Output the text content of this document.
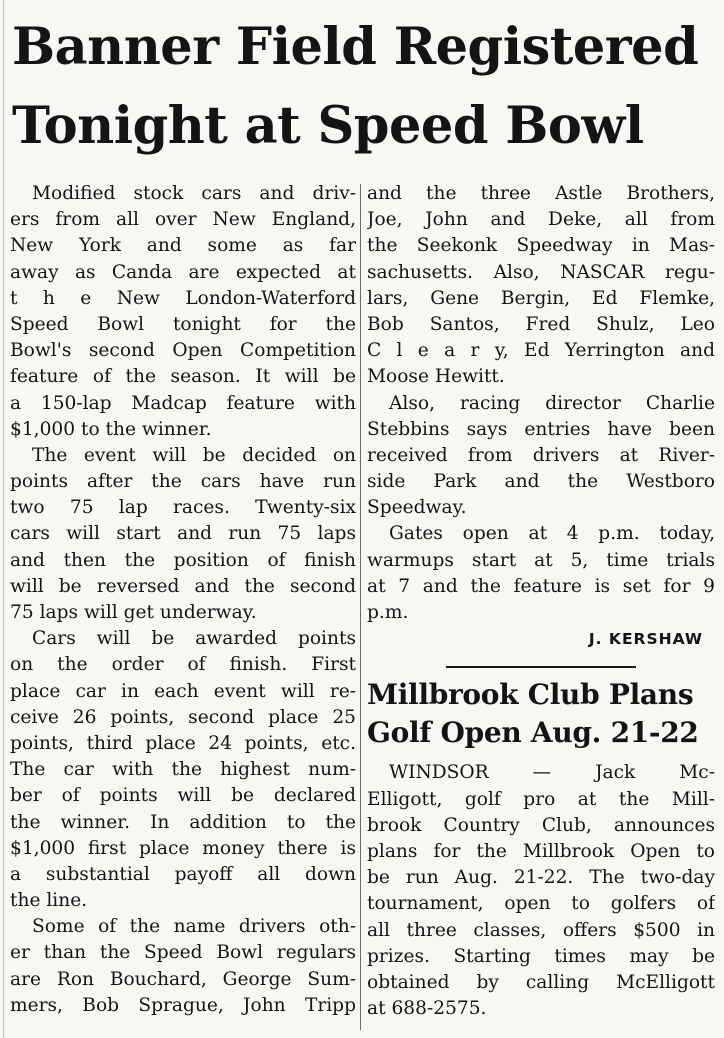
Banner Field Registered
Tonight at Speed Bowl
Modified stock cars and driv-
ers from all over New England,
New York and some as far
away as Canda are expected at
t h e New London-Waterford
Speed Bowl tonight for the
Bowl's second Open Competition
feature of the season. It will be
a 150-lap Madcap feature with
$1,000 to the winner.
The event will be decided on
points after the cars have run
two 75 lap races. Twenty-six
cars will start and run 75 laps
and then the position of finish
will be reversed and the second
75 laps will get underway.
Cars will be awarded points
on the order of finish. First
place car in each event will re-
ceive 26 points, second place 25
points, third place 24 points, etc.
The car with the highest num-
ber of points will be declared
the winner. In addition to the
$1,000 first place money there is
a substantial payoff all down
the line.
Some of the name drivers oth-
er than the Speed Bowl regulars
are Ron Bouchard, George Sum-
mers, Bob Sprague, John Tripp
and the three Astle Brothers,
Joe, John and Deke, all from
the Seekonk Speedway in Mas-
sachusetts. Also, NASCAR regu-
lars, Gene Bergin, Ed Flemke,
Bob Santos, Fred Shulz, Leo
C l e a r y, Ed Yerrington and
Moose Hewitt.
Also, racing director Charlie
Stebbins says entries have been
received from drivers at River-
side Park and the Westboro
Speedway.
Gates open at 4 p.m. today,
warmups start at 5, time trials
at 7 and the feature is set for 9
p.m.
J. KERSHAW
Millbrook Club Plans
Golf Open Aug. 21-22
WINDSOR — Jack Mc-
Elligott, golf pro at the Mill-
brook Country Club, announces
plans for the Millbrook Open to
be run Aug. 21-22. The two-day
tournament, open to golfers of
all three classes, offers $500 in
prizes. Starting times may be
obtained by calling McElligott
at 688-2575.
